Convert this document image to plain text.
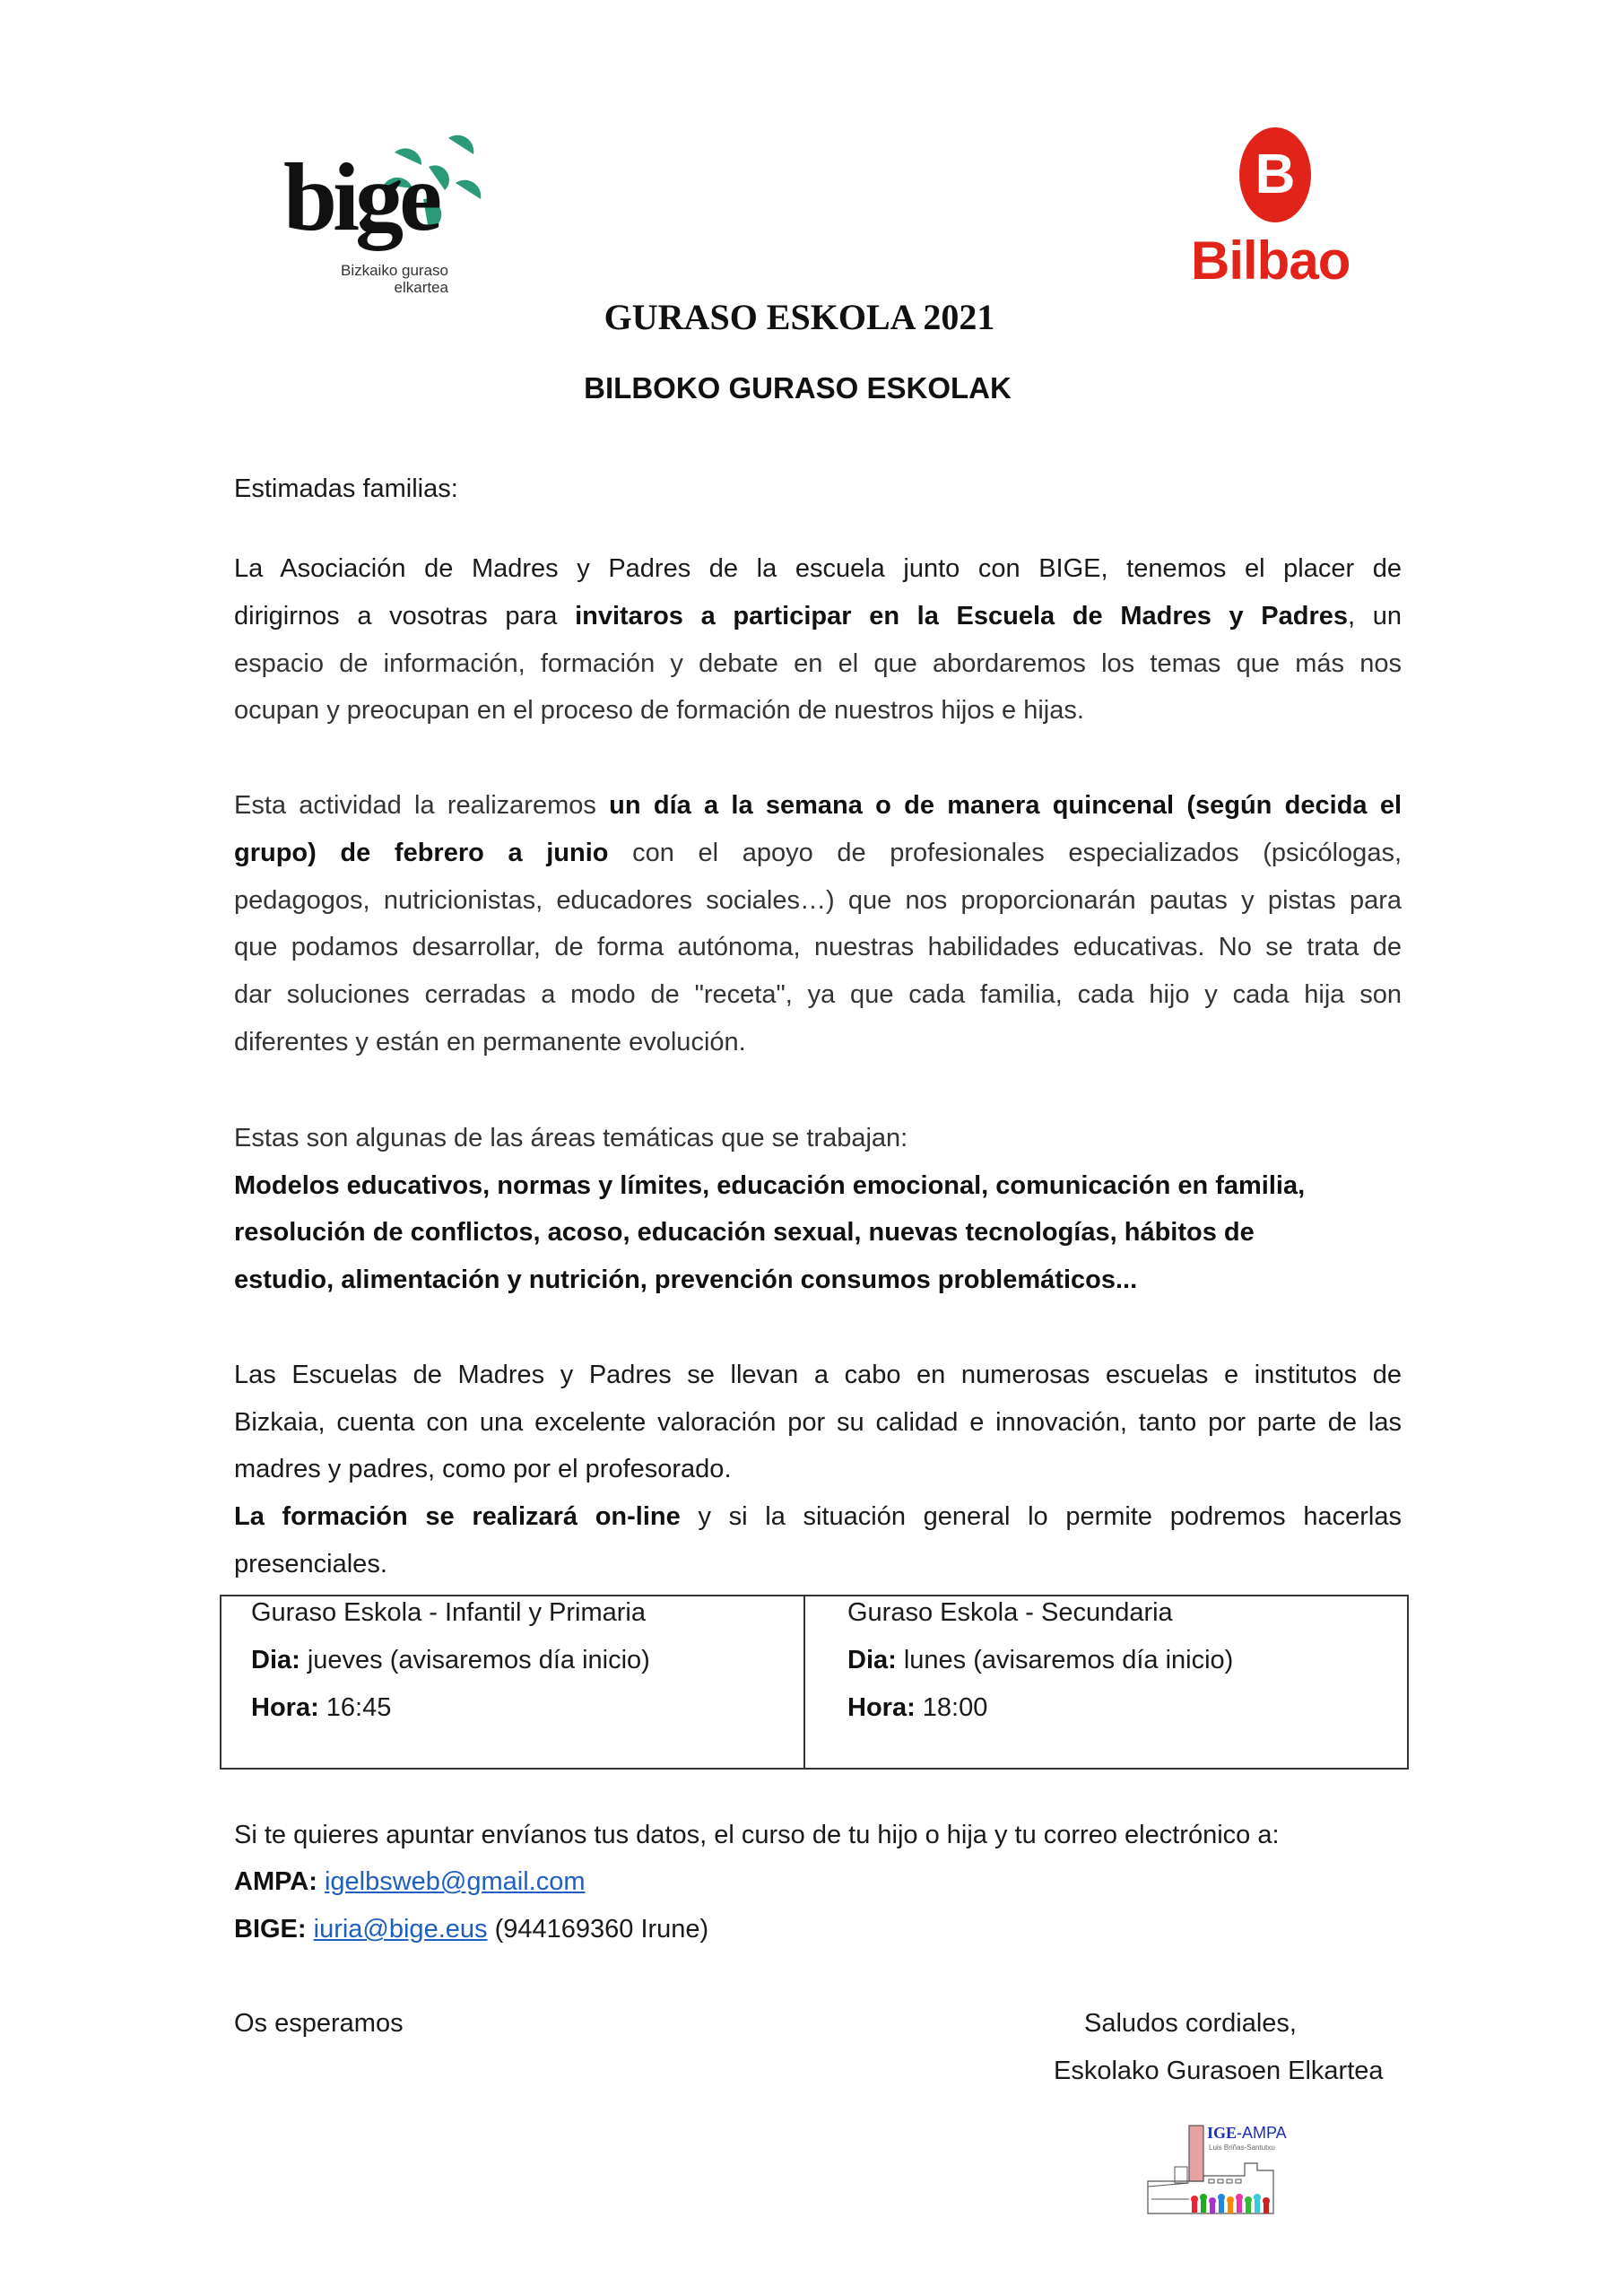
bige
Bizkaiko guraso
elkartea
B
Bilbao
GURASO ESKOLA 2021
BILBOKO GURASO ESKOLAK
Estimadas familias:
La Asociación de Madres y Padres de la escuela junto con BIGE, tenemos el placer de
dirigirnos a vosotras para invitaros a participar en la Escuela de Madres y Padres, un
espacio de información, formación y debate en el que abordaremos los temas que más nos
ocupan y preocupan en el proceso de formación de nuestros hijos e hijas.
Esta actividad la realizaremos un día a la semana o de manera quincenal (según decida el
grupo) de febrero a junio con el apoyo de profesionales especializados (psicólogas,
pedagogos, nutricionistas, educadores sociales…) que nos proporcionarán pautas y pistas para
que podamos desarrollar, de forma autónoma, nuestras habilidades educativas. No se trata de
dar soluciones cerradas a modo de "receta", ya que cada familia, cada hijo y cada hija son
diferentes y están en permanente evolución.
Estas son algunas de las áreas temáticas que se trabajan:
Modelos educativos, normas y límites, educación emocional, comunicación en familia,
resolución de conflictos, acoso, educación sexual, nuevas tecnologías, hábitos de
estudio, alimentación y nutrición, prevención consumos problemáticos...
Las Escuelas de Madres y Padres se llevan a cabo en numerosas escuelas e institutos de
Bizkaia, cuenta con una excelente valoración por su calidad e innovación, tanto por parte de las
madres y padres, como por el profesorado.
La formación se realizará on-line y si la situación general lo permite podremos hacerlas
presenciales.
Guraso Eskola - Infantil y Primaria
Dia: jueves (avisaremos día inicio)
Hora: 16:45
Guraso Eskola - Secundaria
Dia: lunes (avisaremos día inicio)
Hora: 18:00
Si te quieres apuntar envíanos tus datos, el curso de tu hijo o hija y tu correo electrónico a:
AMPA: igelbsweb@gmail.com
BIGE: iuria@bige.eus (944169360 Irune)
Os esperamos	Saludos cordiales,
Eskolako Gurasoen Elkartea
IGE-AMPA
Luis Briñas-Santutxu
